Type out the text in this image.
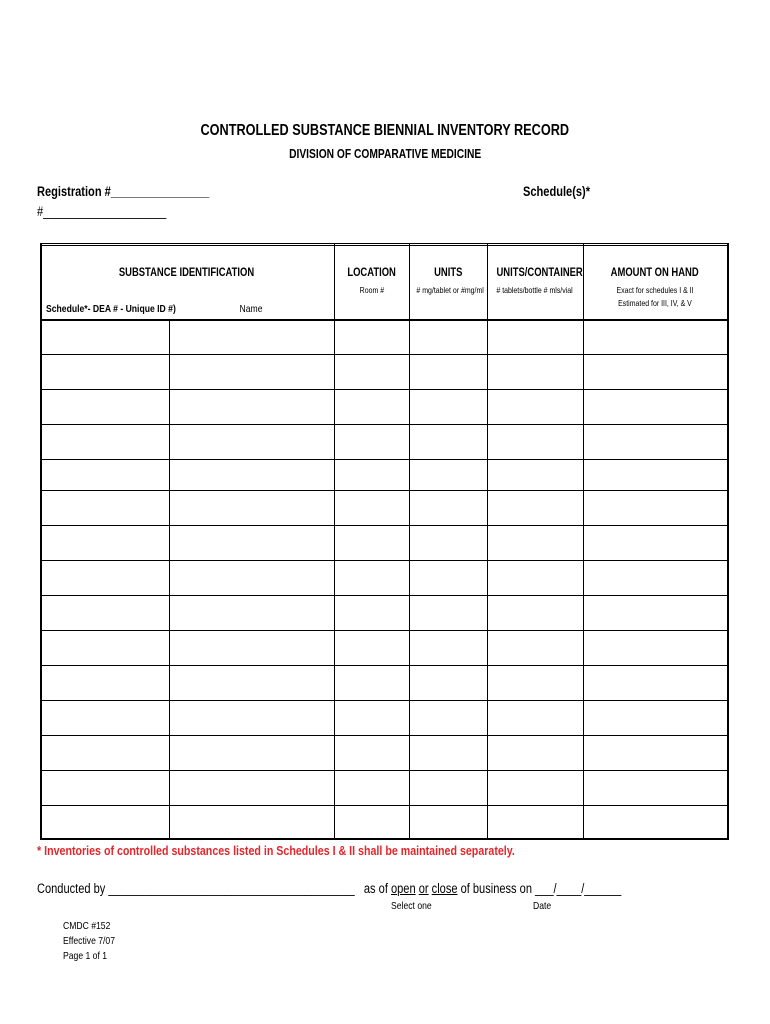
CONTROLLED SUBSTANCE BIENNIAL INVENTORY RECORD
DIVISION OF COMPARATIVE MEDICINE
Registration #________________
#____________________
Schedule(s)*
SUBSTANCE IDENTIFICATION
Schedule*- DEA # - Unique ID #)	Name
LOCATION
Room #
UNITS
# mg/tablet or #mg/ml
UNITS/CONTAINER
# tablets/bottle # mls/vial
AMOUNT ON HAND
Exact for schedules I & II
Estimated for III, IV, & V
* Inventories of controlled substances listed in Schedules I & II shall be maintained separately.
Conducted by ________________________________________ as of open or close of business on ___/____/______
Select one	Date
CMDC #152
Effective 7/07
Page 1 of 1
